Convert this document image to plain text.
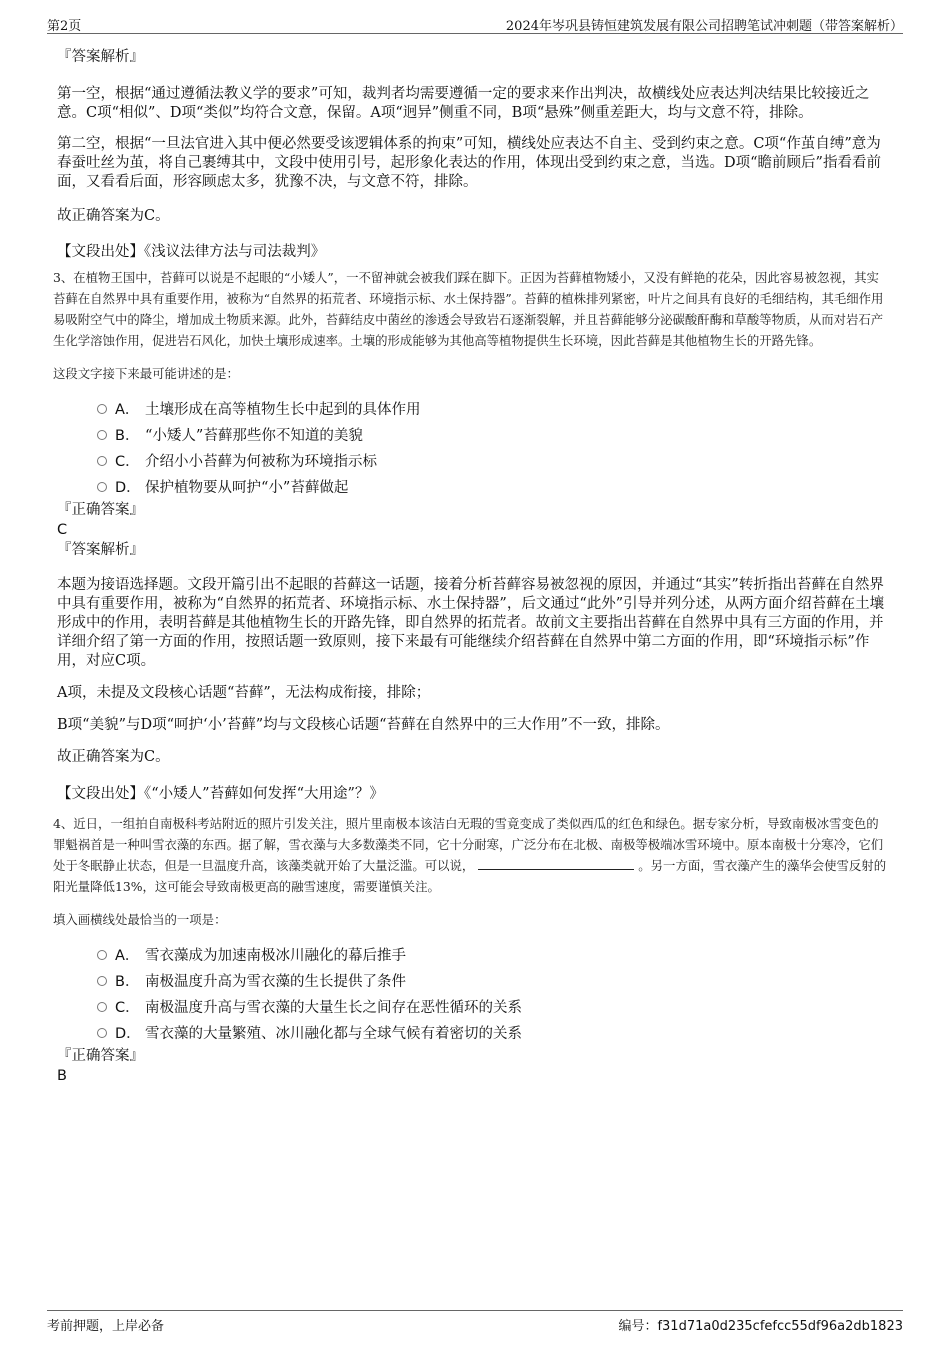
第2页	2024年岑巩县铸恒建筑发展有限公司招聘笔试冲刺题（带答案解析）
『答案解析』

第一空，根据“通过遵循法教义学的要求”可知，裁判者均需要遵循一定的要求来作出判决，故横线处应表达判决结果比较接近之意。C项“相似”、D项“类似”均符合文意，保留。A项“迥异”侧重不同，B项“悬殊”侧重差距大，均与文意不符，排除。

第二空，根据“一旦法官进入其中便必然要受该逻辑体系的拘束”可知，横线处应表达不自主、受到约束之意。C项“作茧自缚”意为春蚕吐丝为茧，将自己裹缚其中，文段中使用引号，起形象化表达的作用，体现出受到约束之意，当选。D项“瞻前顾后”指看看前面，又看看后面，形容顾虑太多，犹豫不决，与文意不符，排除。

故正确答案为C。

【文段出处】《浅议法律方法与司法裁判》

3、在植物王国中，苔藓可以说是不起眼的“小矮人”，一不留神就会被我们踩在脚下。正因为苔藓植物矮小，又没有鲜艳的花朵，因此容易被忽视，其实苔藓在自然界中具有重要作用，被称为“自然界的拓荒者、环境指示标、水土保持器”。苔藓的植株排列紧密，叶片之间具有良好的毛细结构，其毛细作用易吸附空气中的降尘，增加成土物质来源。此外，苔藓结皮中菌丝的渗透会导致岩石逐渐裂解，并且苔藓能够分泌碳酸酐酶和草酸等物质，从而对岩石产生化学溶蚀作用，促进岩石风化，加快土壤形成速率。土壤的形成能够为其他高等植物提供生长环境，因此苔藓是其他植物生长的开路先锋。

这段文字接下来最可能讲述的是：

A． 土壤形成在高等植物生长中起到的具体作用
B． “小矮人”苔藓那些你不知道的美貌
C． 介绍小小苔藓为何被称为环境指示标
D． 保护植物要从呵护“小”苔藓做起
『正确答案』
C
『答案解析』

本题为接语选择题。文段开篇引出不起眼的苔藓这一话题，接着分析苔藓容易被忽视的原因，并通过“其实”转折指出苔藓在自然界中具有重要作用，被称为“自然界的拓荒者、环境指示标、水土保持器”，后文通过“此外”引导并列分述，从两方面介绍苔藓在土壤形成中的作用，表明苔藓是其他植物生长的开路先锋，即自然界的拓荒者。故前文主要指出苔藓在自然界中具有三方面的作用，并详细介绍了第一方面的作用，按照话题一致原则，接下来最有可能继续介绍苔藓在自然界中第二方面的作用，即“环境指示标”作用，对应C项。

A项，未提及文段核心话题“苔藓”，无法构成衔接，排除；

B项“美貌”与D项“呵护‘小’苔藓”均与文段核心话题“苔藓在自然界中的三大作用”不一致，排除。

故正确答案为C。

【文段出处】《“小矮人”苔藓如何发挥“大用途”？》

4、近日，一组拍自南极科考站附近的照片引发关注，照片里南极本该洁白无瑕的雪竟变成了类似西瓜的红色和绿色。据专家分析，导致南极冰雪变色的罪魁祸首是一种叫雪衣藻的东西。据了解，雪衣藻与大多数藻类不同，它十分耐寒，广泛分布在北极、南极等极端冰雪环境中。原本南极十分寒冷，它们处于冬眠静止状态，但是一旦温度升高，该藻类就开始了大量泛滥。可以说，	。另一方面，雪衣藻产生的藻华会使雪反射的阳光量降低13%，这可能会导致南极更高的融雪速度，需要谨慎关注。

填入画横线处最恰当的一项是：

A． 雪衣藻成为加速南极冰川融化的幕后推手
B． 南极温度升高为雪衣藻的生长提供了条件
C． 南极温度升高与雪衣藻的大量生长之间存在恶性循环的关系
D． 雪衣藻的大量繁殖、冰川融化都与全球气候有着密切的关系
『正确答案』
B
考前押题，上岸必备	编号：f31d71a0d235cfefcc55df96a2db1823
